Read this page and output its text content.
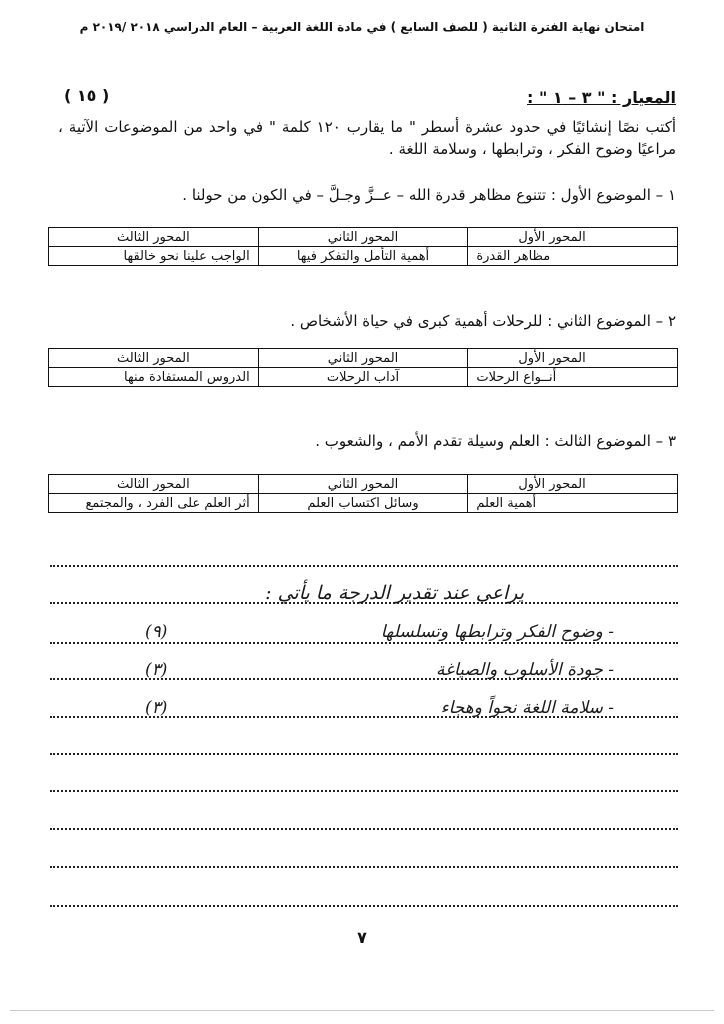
امتحان نهاية الفترة الثانية ( للصف السابع ) في مادة اللغة العربية – العام الدراسي ٢٠١٨ /٢٠١٩ م
المعيار : " ٣ – ١ " :
( ١٥ )
أكتب نصًا إنشائيًا في حدود عشرة أسطر " ما يقارب ١٢٠ كلمة " في واحد من الموضوعات الآتية ، مراعيًا وضوح الفكر ، وترابطها ، وسلامة اللغة .
١ – الموضوع الأول : تتنوع مظاهر قدرة الله – عــزَّ وجـلَّ – في الكون من حولنا .
المحور الأول	المحور الثاني	المحور الثالث
مظاهر القدرة	أهمية التأمل والتفكر فيها	الواجب علينا نحو خالقها
٢ – الموضوع الثاني : للرحلات أهمية كبرى في حياة الأشخاص .
المحور الأول	المحور الثاني	المحور الثالث
أنــواع الرحلات	آداب الرحلات	الدروس المستفادة منها
٣ – الموضوع الثالث : العلم وسيلة تقدم الأمم ، والشعوب .
المحور الأول	المحور الثاني	المحور الثالث
أهمية العلم	وسائل اكتساب العلم	أثر العلم على الفرد ، والمجتمع
يراعى عند تقدير الدرجة ما يأتي :
- وضوح الفكر وترابطها وتسلسلها
(٩)
- جودة الأسلوب والصياغة
(٣)
- سلامة اللغة نحواً وهجاء
(٣)
٧
